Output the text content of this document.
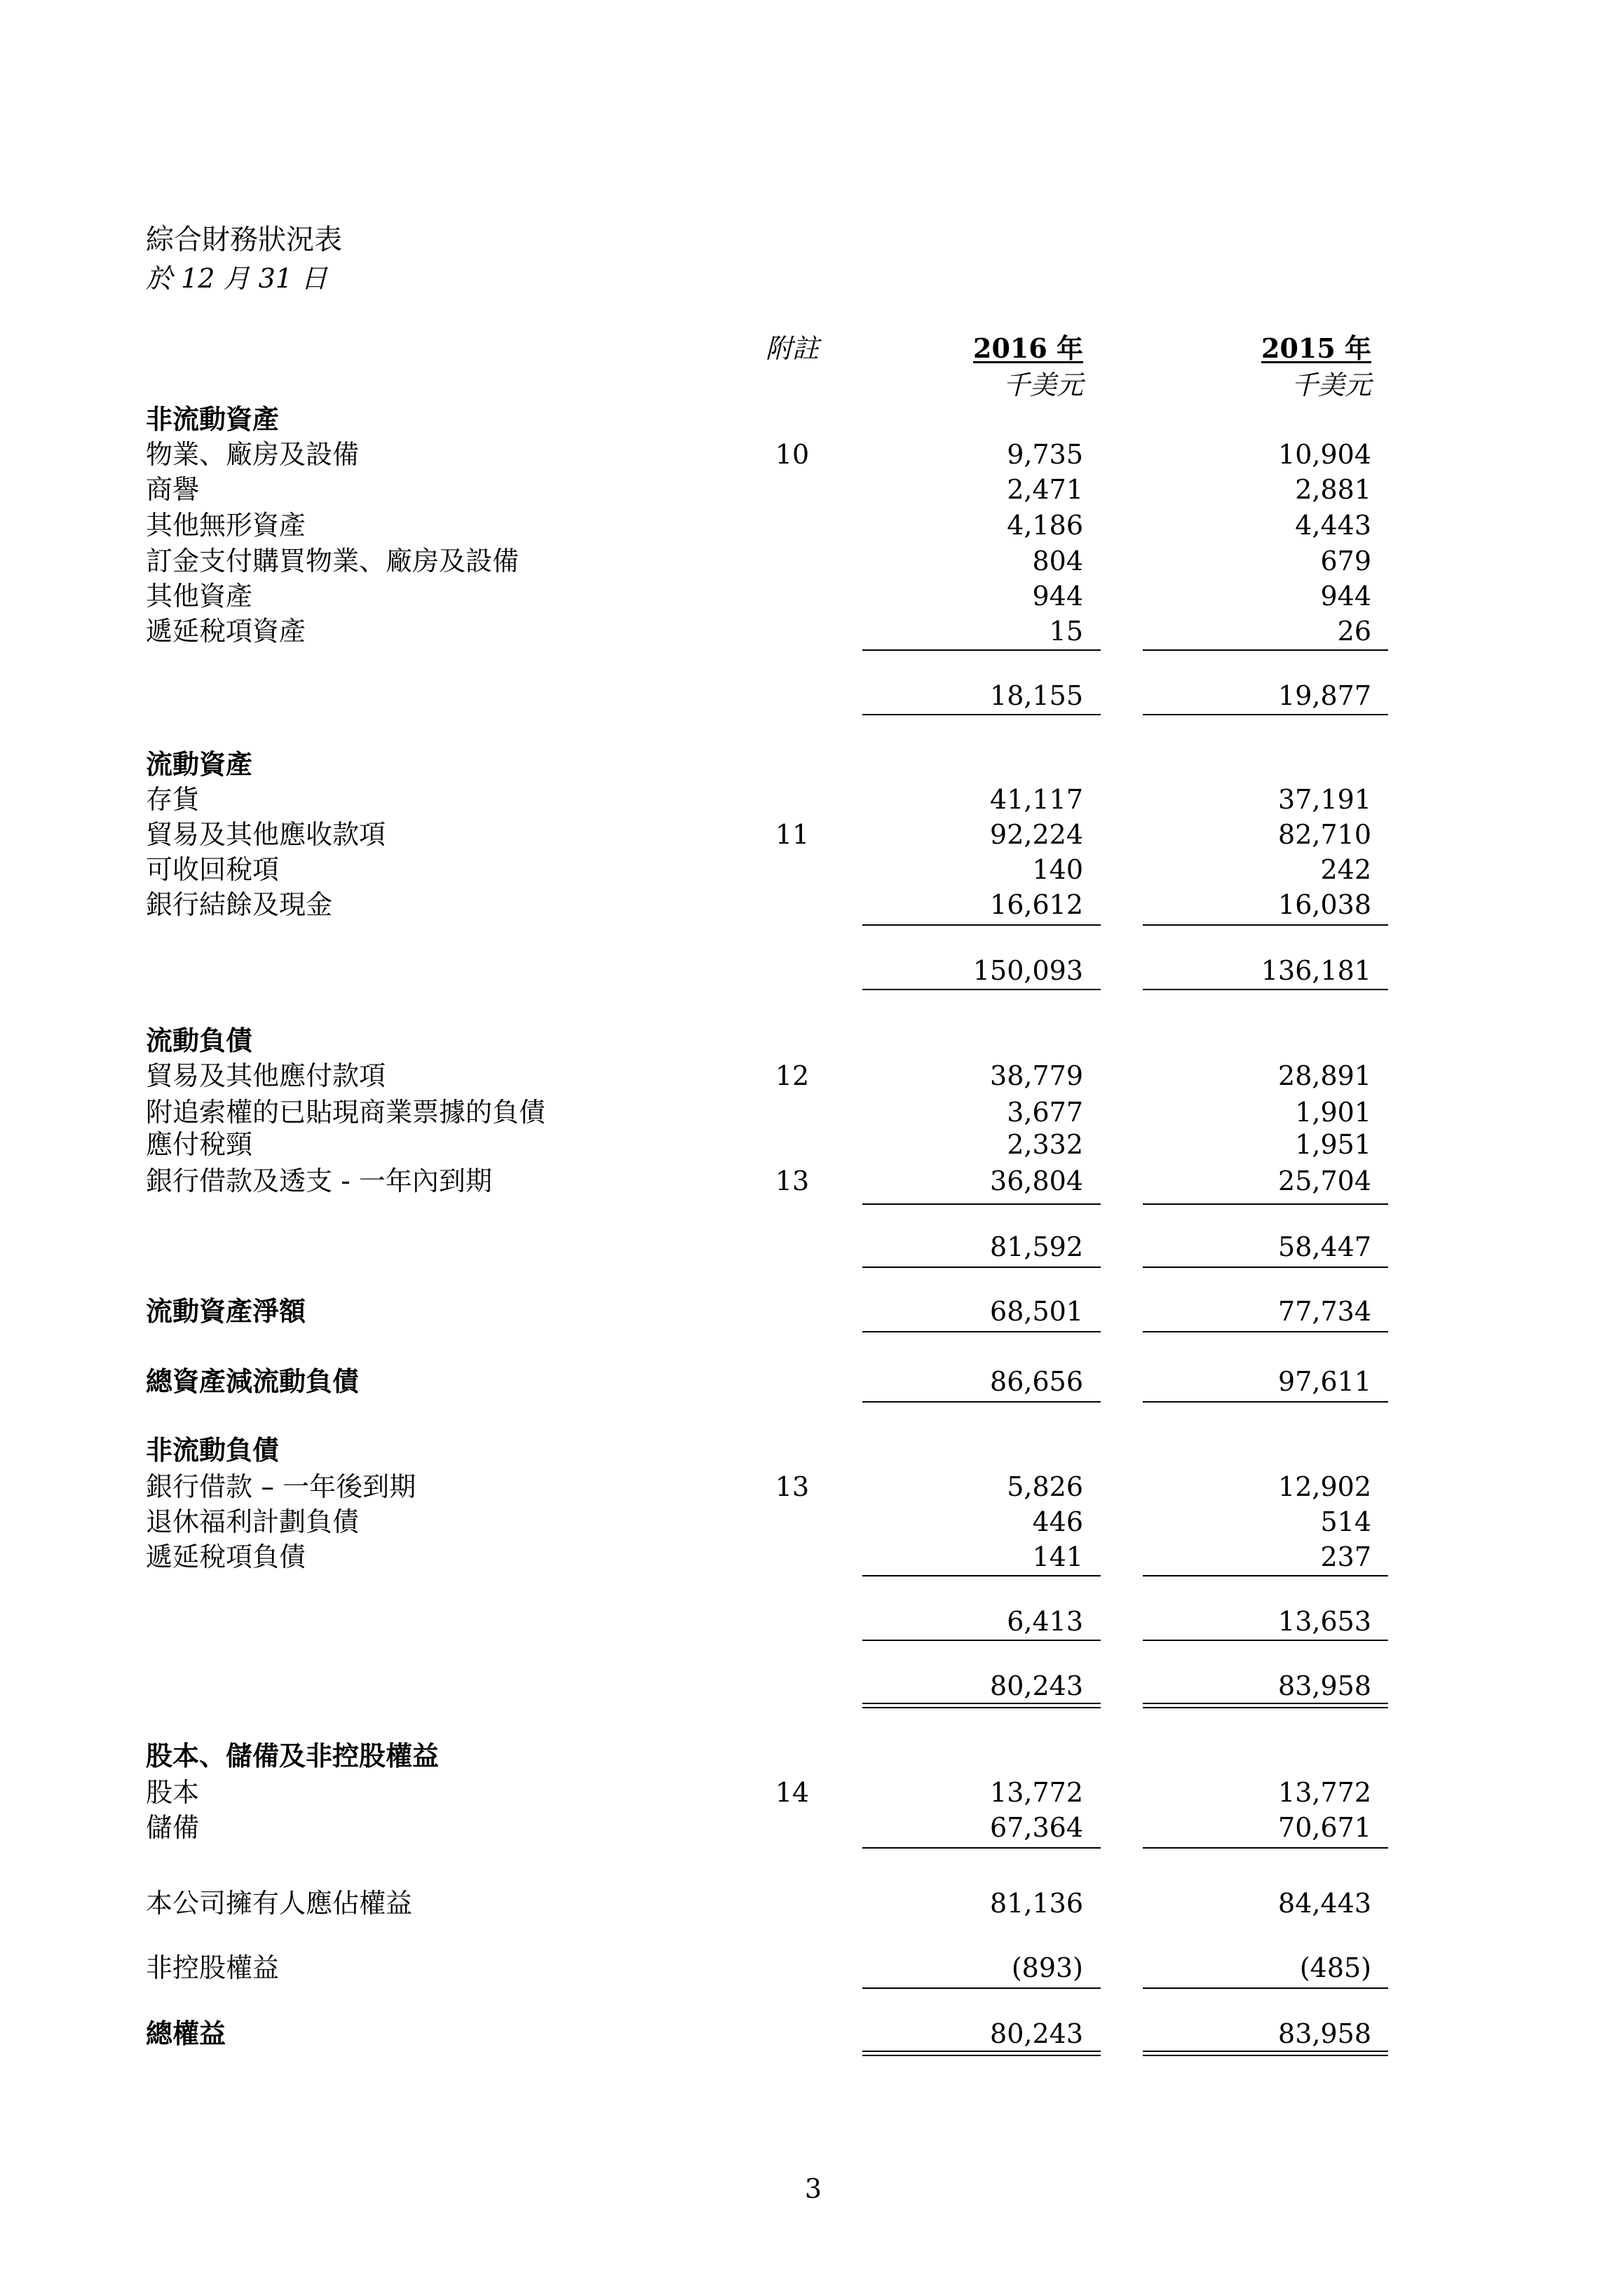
綜合財務狀況表
於 12 月 31 日
附註	2016 年	2015 年
千美元	千美元
非流動資產
物業、廠房及設備	10	9,735	10,904
商譽	2,471	2,881
其他無形資產	4,186	4,443
訂金支付購買物業、廠房及設備	804	679
其他資產	944	944
遞延稅項資產	15	26
18,155	19,877
流動資產
存貨	41,117	37,191
貿易及其他應收款項	11	92,224	82,710
可收回稅項	140	242
銀行結餘及現金	16,612	16,038
150,093	136,181
流動負債
貿易及其他應付款項	12	38,779	28,891
附追索權的已貼現商業票據的負債	3,677	1,901
應付稅頸	2,332	1,951
銀行借款及透支 - 一年內到期	13	36,804	25,704
81,592	58,447
流動資產淨額	68,501	77,734
總資產減流動負債	86,656	97,611
非流動負債
銀行借款 – 一年後到期	13	5,826	12,902
退休福利計劃負債	446	514
遞延稅項負債	141	237
6,413	13,653
80,243	83,958
股本、儲備及非控股權益
股本	14	13,772	13,772
儲備	67,364	70,671
本公司擁有人應佔權益	81,136	84,443
非控股權益	(893)	(485)
總權益	80,243	83,958
3
